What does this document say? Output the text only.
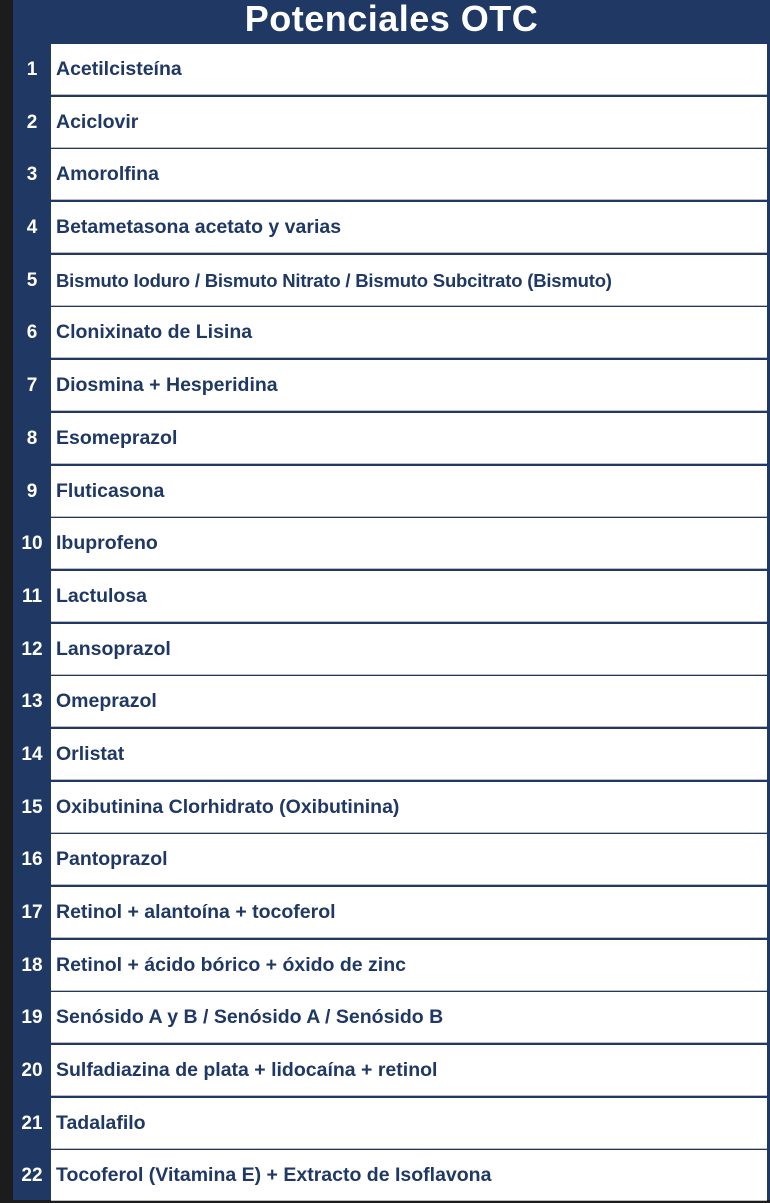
Potenciales OTC
1 Acetilcisteína
2 Aciclovir
3 Amorolfina
4 Betametasona acetato y varias
5	Bismuto Ioduro / Bismuto Nitrato / Bismuto Subcitrato (Bismuto)
6 Clonixinato de Lisina
7 Diosmina + Hesperidina
8 Esomeprazol
9 Fluticasona
10 Ibuprofeno
11 Lactulosa
12 Lansoprazol
13 Omeprazol
14 Orlistat
15 Oxibutinina Clorhidrato (Oxibutinina)
16 Pantoprazol
17 Retinol + alantoína + tocoferol
18 Retinol + ácido bórico + óxido de zinc
19 Senósido A y B / Senósido A / Senósido B
20 Sulfadiazina de plata + lidocaína + retinol
21 Tadalafilo
22 Tocoferol (Vitamina E) + Extracto de Isoflavona
